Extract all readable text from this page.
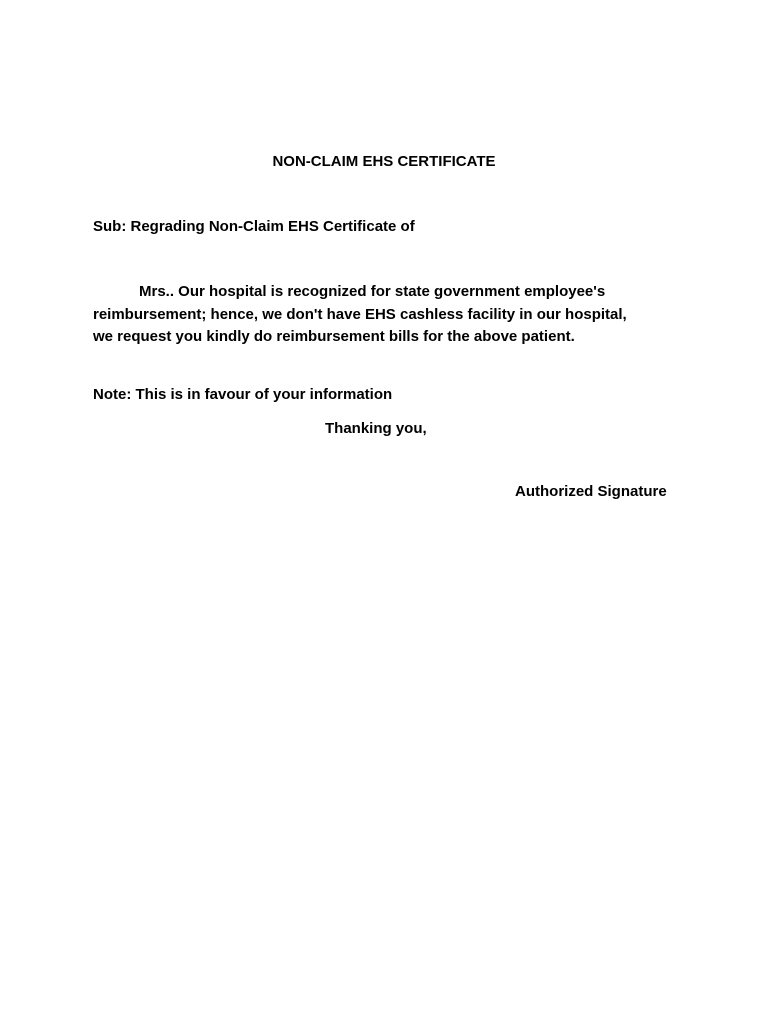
NON-CLAIM EHS CERTIFICATE
Sub: Regrading Non-Claim EHS Certificate of
Mrs.. Our hospital is recognized for state government employee's
reimbursement; hence, we don't have EHS cashless facility in our hospital,
we request you kindly do reimbursement bills for the above patient.
Note: This is in favour of your information
Thanking you,
Authorized Signature
